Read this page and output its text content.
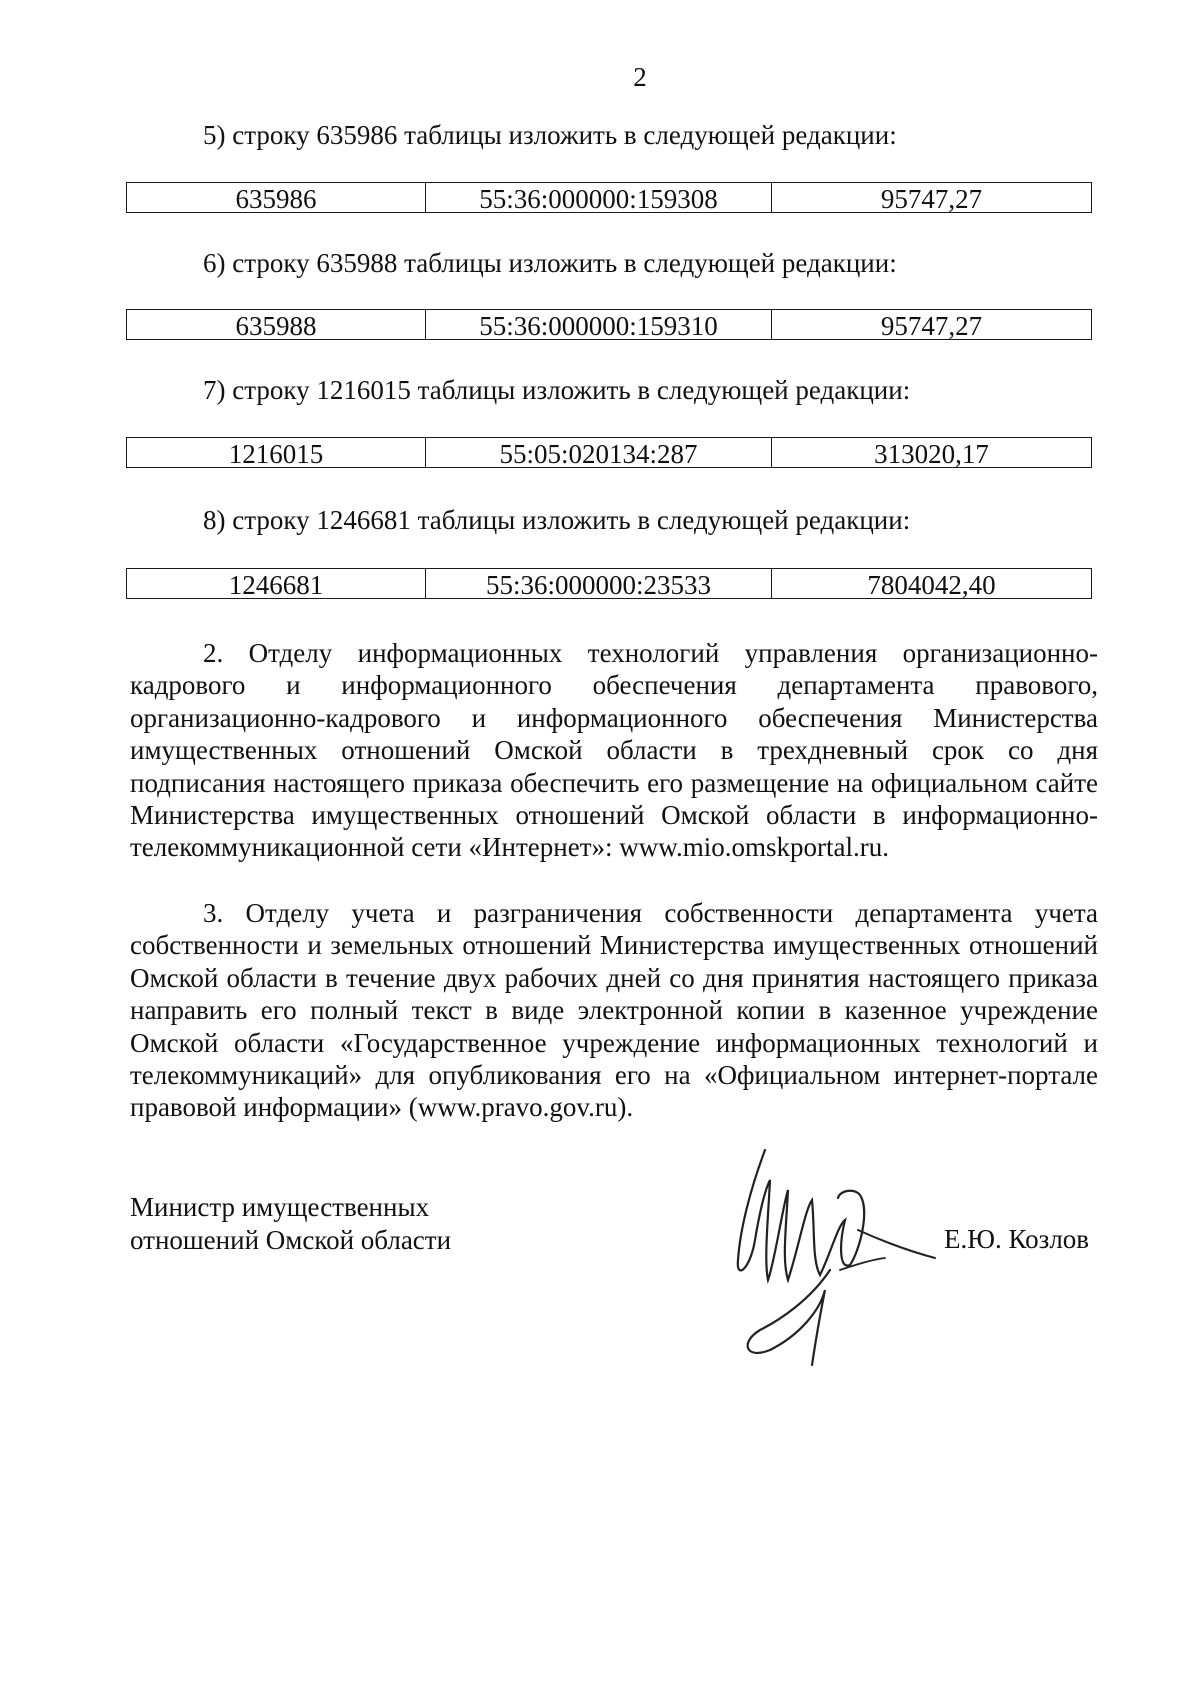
2
5) строку 635986 таблицы изложить в следующей редакции:
635986	55:36:000000:159308	95747,27
6) строку 635988 таблицы изложить в следующей редакции:
635988	55:36:000000:159310	95747,27
7) строку 1216015 таблицы изложить в следующей редакции:
1216015	55:05:020134:287	313020,17
8) строку 1246681 таблицы изложить в следующей редакции:
1246681	55:36:000000:23533	7804042,40

2. Отделу информационных технологий управления организационно-кадрового и информационного обеспечения департамента правового, организационно-кадрового и информационного обеспечения Министерства имущественных отношений Омской области в трехдневный срок со дня подписания настоящего приказа обеспечить его размещение на официальном сайте Министерства имущественных отношений Омской области в информационно-телекоммуникационной сети «Интернет»: www.mio.omskportal.ru.

3. Отделу учета и разграничения собственности департамента учета собственности и земельных отношений Министерства имущественных отношений Омской области в течение двух рабочих дней со дня принятия настоящего приказа направить его полный текст в виде электронной копии в казенное учреждение Омской области «Государственное учреждение информационных технологий и телекоммуникаций» для опубликования его на «Официальном интернет-портале правовой информации» (www.pravo.gov.ru).

Министр имущественных
отношений Омской области	Е.Ю. Козлов
